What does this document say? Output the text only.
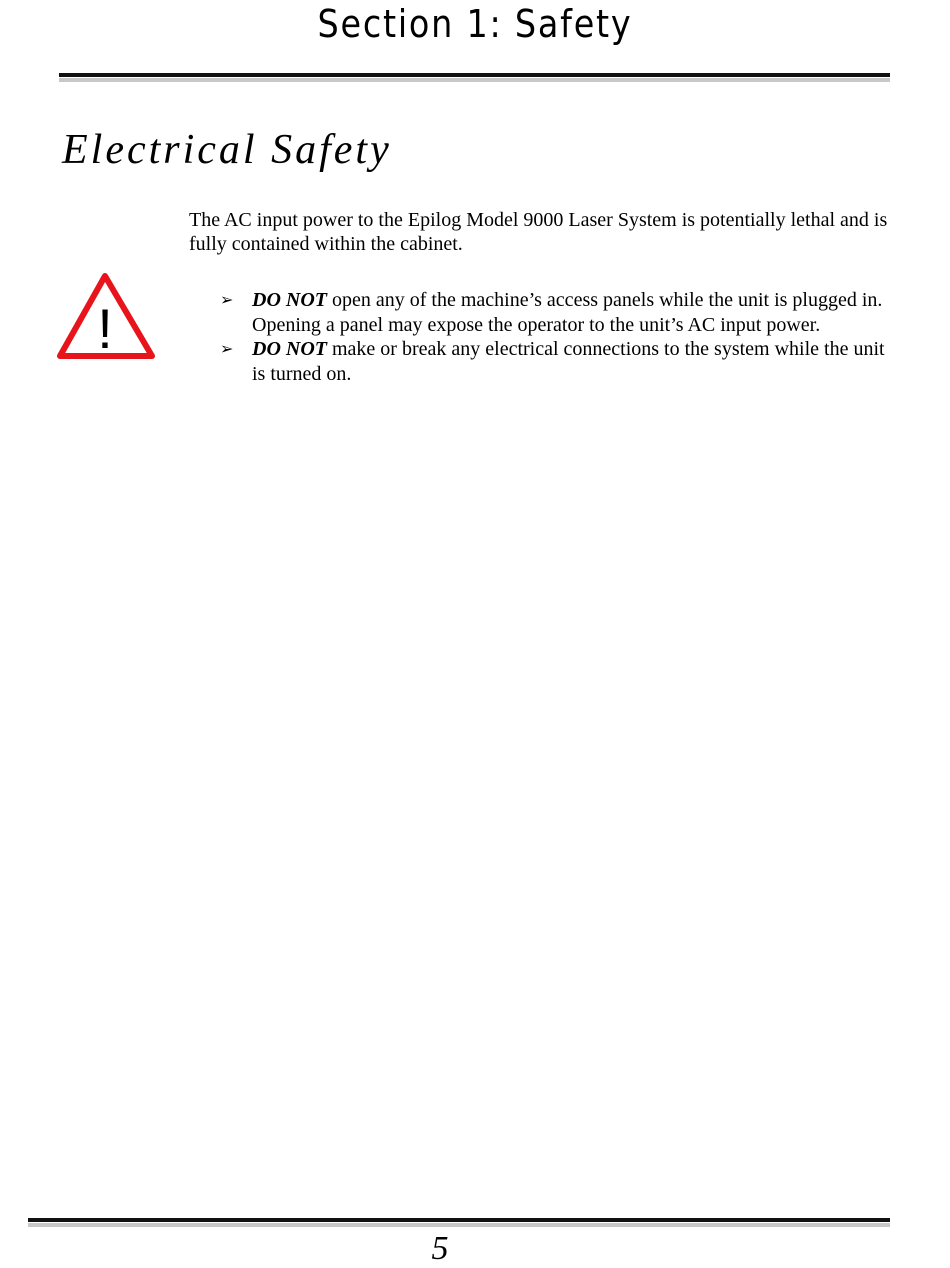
Section 1: Safety
Electrical Safety
!

The AC input power to the Epilog Model 9000 Laser System is potentially lethal and is fully contained within the cabinet.

➢ DO NOT open any of the machine’s access panels while the unit is plugged in. Opening a panel may expose the operator to the unit’s AC input power.
➢ DO NOT make or break any electrical connections to the system while the unit is turned on.
5
